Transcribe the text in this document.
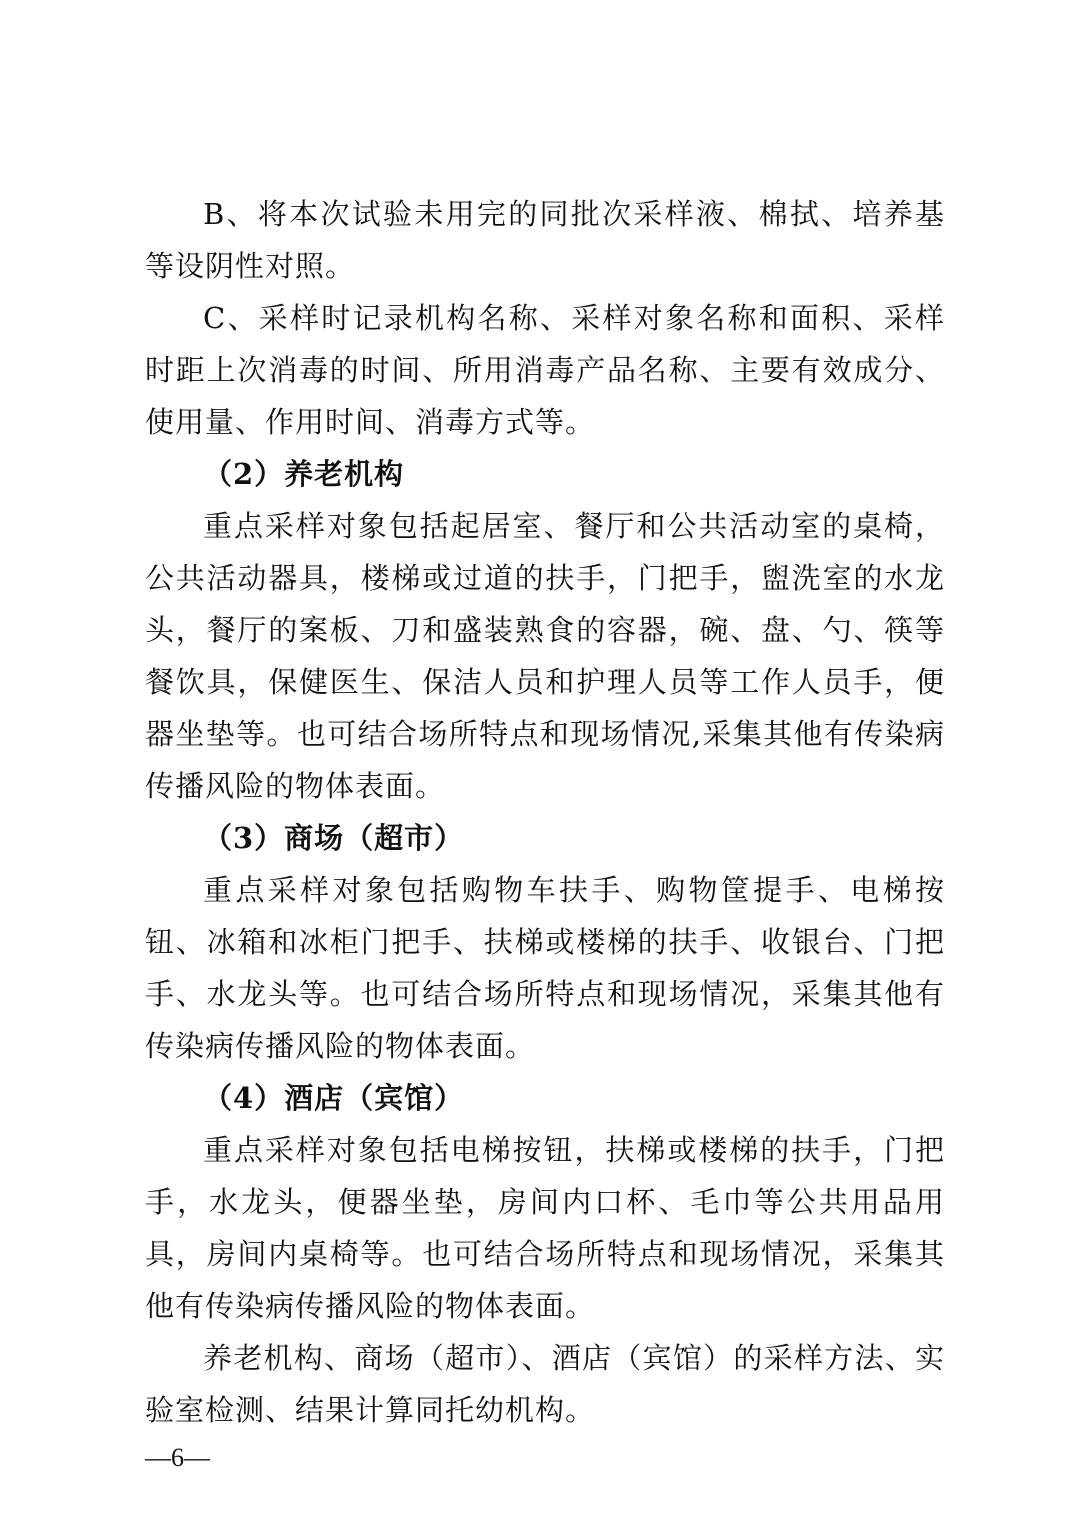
B、将本次试验未用完的同批次采样液、棉拭、培养基等设阴性对照。

C、采样时记录机构名称、采样对象名称和面积、采样时距上次消毒的时间、所用消毒产品名称、主要有效成分、使用量、作用时间、消毒方式等。

（2）养老机构

重点采样对象包括起居室、餐厅和公共活动室的桌椅，公共活动器具，楼梯或过道的扶手，门把手，盥洗室的水龙头，餐厅的案板、刀和盛装熟食的容器，碗、盘、勺、筷等餐饮具，保健医生、保洁人员和护理人员等工作人员手，便器坐垫等。也可结合场所特点和现场情况,采集其他有传染病传播风险的物体表面。

（3）商场（超市）

重点采样对象包括购物车扶手、购物筐提手、电梯按钮、冰箱和冰柜门把手、扶梯或楼梯的扶手、收银台、门把手、水龙头等。也可结合场所特点和现场情况，采集其他有传染病传播风险的物体表面。

（4）酒店（宾馆）

重点采样对象包括电梯按钮，扶梯或楼梯的扶手，门把手，水龙头，便器坐垫，房间内口杯、毛巾等公共用品用具，房间内桌椅等。也可结合场所特点和现场情况，采集其他有传染病传播风险的物体表面。

养老机构、商场（超市）、酒店（宾馆）的采样方法、实验室检测、结果计算同托幼机构。

—6—
